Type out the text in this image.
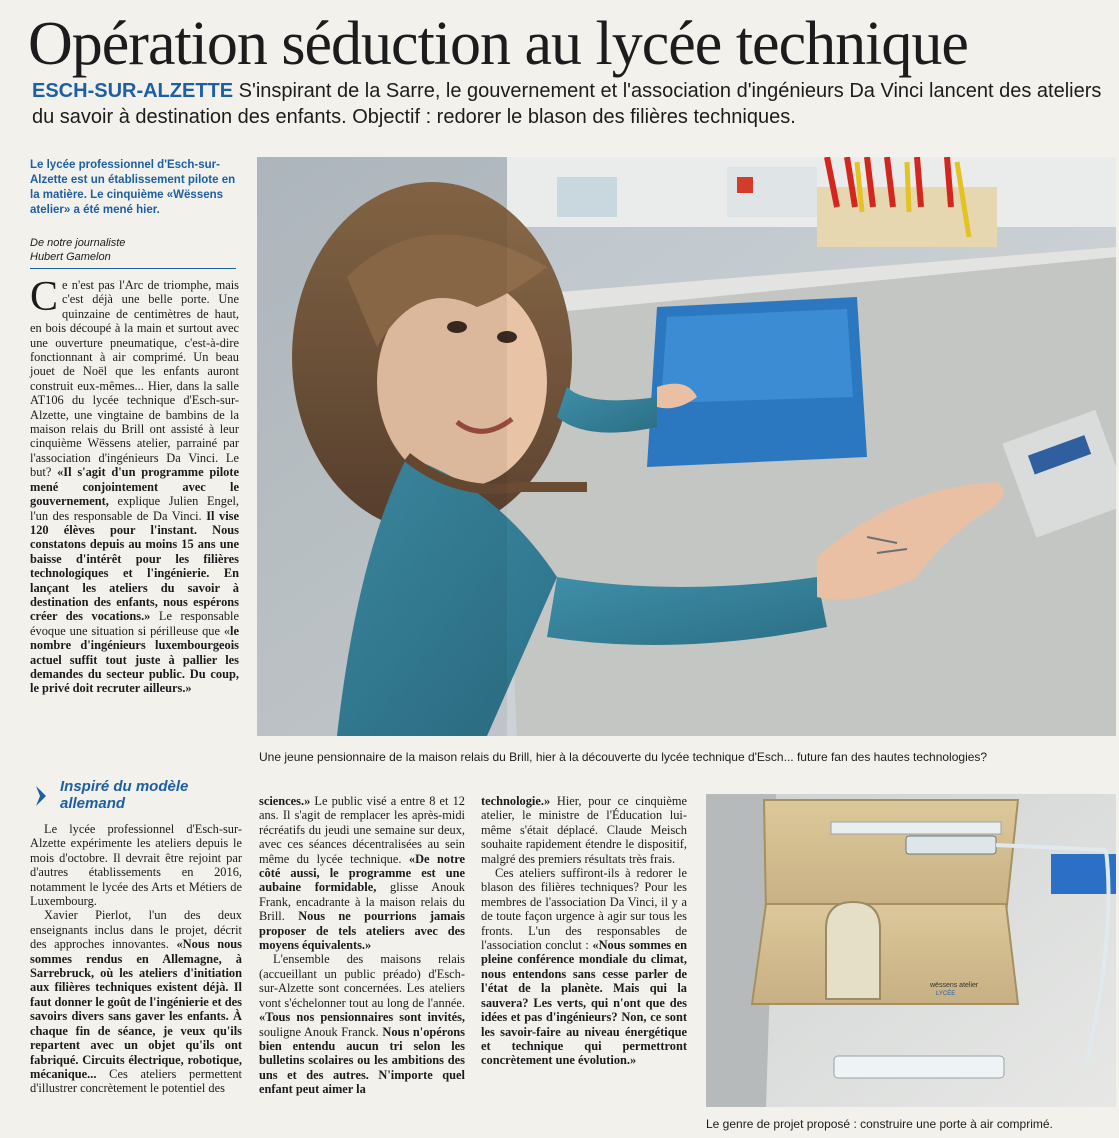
Opération séduction au lycée technique
ESCH-SUR-ALZETTE S'inspirant de la Sarre, le gouvernement et l'association d'ingénieurs Da Vinci lancent des ateliers du savoir à destination des enfants. Objectif : redorer le blason des filières techniques.
Le lycée professionnel d'Esch-sur-Alzette est un établissement pilote en la matière. Le cinquième «Wëssens atelier» a été mené hier.
De notre journaliste
Hubert Gamelon

Ce n'est pas l'Arc de triomphe, mais c'est déjà une belle porte. Une quinzaine de centimètres de haut, en bois découpé à la main et surtout avec une ouverture pneumatique, c'est-à-dire fonctionnant à air comprimé. Un beau jouet de Noël que les enfants auront construit eux-mêmes... Hier, dans la salle AT106 du lycée technique d'Esch-sur-Alzette, une vingtaine de bambins de la maison relais du Brill ont assisté à leur cinquième Wëssens atelier, parrainé par l'association d'ingénieurs Da Vinci. Le but? «Il s'agit d'un programme pilote mené conjointement avec le gouvernement, explique Julien Engel, l'un des responsable de Da Vinci. Il vise 120 élèves pour l'instant. Nous constatons depuis au moins 15 ans une baisse d'intérêt pour les filières technologiques et l'ingénierie. En lançant les ateliers du savoir à destination des enfants, nous espérons créer des vocations.» Le responsable évoque une situation si périlleuse que «le nombre d'ingénieurs luxembourgeois actuel suffit tout juste à pallier les demandes du secteur public. Du coup, le privé doit recruter ailleurs.»

Inspiré du modèle allemand

Le lycée professionnel d'Esch-sur-Alzette expérimente les ateliers depuis le mois d'octobre. Il devrait être rejoint par d'autres établissements en 2016, notamment le lycée des Arts et Métiers de Luxembourg.

Xavier Pierlot, l'un des deux enseignants inclus dans le projet, décrit des approches innovantes. «Nous nous sommes rendus en Allemagne, à Sarrebruck, où les ateliers d'initiation aux filières techniques existent déjà. Il faut donner le goût de l'ingénierie et des savoirs divers sans gaver les enfants. À chaque fin de séance, je veux qu'ils repartent avec un objet qu'ils ont fabriqué. Circuits électrique, robotique, mécanique... Ces ateliers permettent d'illustrer concrètement le potentiel des

sciences.» Le public visé a entre 8 et 12 ans. Il s'agit de remplacer les après-midi récréatifs du jeudi une semaine sur deux, avec ces séances décentralisées au sein même du lycée technique. «De notre côté aussi, le programme est une aubaine formidable, glisse Anouk Frank, encadrante à la maison relais du Brill. Nous ne pourrions jamais proposer de tels ateliers avec des moyens équivalents.»

L'ensemble des maisons relais (accueillant un public préado) d'Esch-sur-Alzette sont concernées. Les ateliers vont s'échelonner tout au long de l'année. «Tous nos pensionnaires sont invités, souligne Anouk Franck. Nous n'opérons bien entendu aucun tri selon les bulletins scolaires ou les ambitions des uns et des autres. N'importe quel enfant peut aimer la

technologie.» Hier, pour ce cinquième atelier, le ministre de l'Éducation lui-même s'était déplacé. Claude Meisch souhaite rapidement étendre le dispositif, malgré des premiers résultats très frais.

Ces ateliers suffiront-ils à redorer le blason des filières techniques? Pour les membres de l'association Da Vinci, il y a de toute façon urgence à agir sur tous les fronts. L'un des responsables de l'association conclut : «Nous sommes en pleine conférence mondiale du climat, nous entendons sans cesse parler de l'état de la planète. Mais qui la sauvera? Les verts, qui n'ont que des idées et pas d'ingénieurs? Non, ce sont les savoir-faire au niveau énergétique et technique qui permettront concrètement une évolution.»

Une jeune pensionnaire de la maison relais du Brill, hier à la découverte du lycée technique d'Esch... future fan des hautes technologies?
wëssens atelier
LYCÉE
Le genre de projet proposé : construire une porte à air comprimé.
